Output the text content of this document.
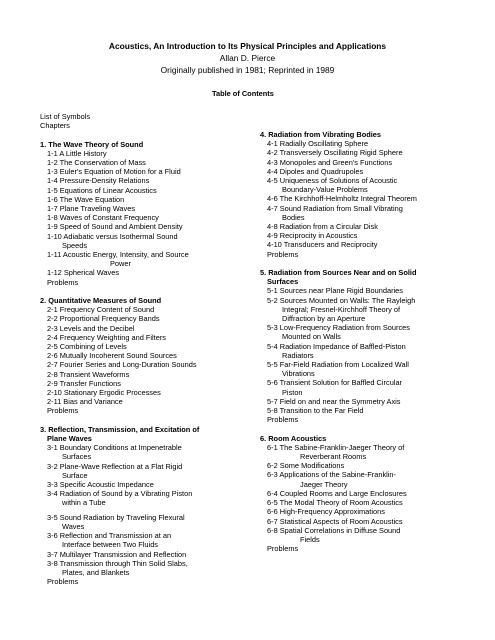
Acoustics, An Introduction to Its Physical Principles and Applications
Allan D. Pierce
Originally published in 1981; Reprinted in 1989
Table of Contents
List of Symbols
Chapters
1. The Wave Theory of Sound
1-1 A Little History
1-2 The Conservation of Mass
1-3 Euler's Equation of Motion for a Fluid
1-4 Pressure-Density Relations
1-5 Equations of Linear Acoustics
1-6 The Wave Equation
1-7 Plane Traveling Waves
1-8 Waves of Constant Frequency
1-9 Speed of Sound and Ambient Density
1-10 Adiabatic versus Isothermal Sound
Speeds
1-11 Acoustic Energy, Intensity, and Source
Power
1-12 Spherical Waves
Problems
2. Quantitative Measures of Sound
2-1 Frequency Content of Sound
2-2 Proportional Frequency Bands
2-3 Levels and the Decibel
2-4 Frequency Weighting and Filters
2-5 Combining of Levels
2-6 Mutually Incoherent Sound Sources
2-7 Fourier Series and Long-Duration Sounds
2-8 Transient Waveforms
2-9 Transfer Functions
2-10 Stationary Ergodic Processes
2-11 Bias and Variance
Problems
3. Reflection, Transmission, and Excitation of
Plane Waves
3-1 Boundary Conditions at Impenetrable
Surfaces
3-2 Plane-Wave Reflection at a Flat Rigid
Surface
3-3 Specific Acoustic Impedance
3-4 Radiation of Sound by a Vibrating Piston
within a Tube
3-5 Sound Radiation by Traveling Flexural
Waves
3-6 Reflection and Transmission at an
Interface between Two Fluids
3-7 Multilayer Transmission and Reflection
3-8 Transmission through Thin Solid Slabs,
Plates, and Blankets
Problems
4. Radiation from Vibrating Bodies
4-1 Radially Oscillating Sphere
4-2 Transversely Oscillating Rigid Sphere
4-3 Monopoles and Green's Functions
4-4 Dipoles and Quadrupoles
4-5 Uniqueness of Solutions of Acoustic
Boundary-Value Problems
4-6 The Kirchhoff-Helmholtz Integral Theorem
4-7 Sound Radiation from Small Vibrating
Bodies
4-8 Radiation from a Circular Disk
4-9 Reciprocity in Acoustics
4-10 Transducers and Reciprocity
Problems
5. Radiation from Sources Near and on Solid
Surfaces
5-1 Sources near Plane Rigid Boundaries
5-2 Sources Mounted on Walls: The Rayleigh
Integral; Fresnel-Kirchhoff Theory of
Diffraction by an Aperture
5-3 Low-Frequency Radiation from Sources
Mounted on Walls
5-4 Radiation Impedance of Baffled-Piston
Radiators
5-5 Far-Field Radiation from Localized Wall
Vibrations
5-6 Transient Solution for Baffled Circular
Piston
5-7 Field on and near the Symmetry Axis
5-8 Transition to the Far Field
Problems
6. Room Acoustics
6-1 The Sabine-Franklin-Jaeger Theory of
Reverberant Rooms
6-2 Some Modifications
6-3 Applications of the Sabine-Franklin-
Jaeger Theory
6-4 Coupled Rooms and Large Enclosures
6-5 The Modal Theory of Room Acoustics
6-6 High-Frequency Approximations
6-7 Statistical Aspects of Room Acoustics
6-8 Spatial Correlations in Diffuse Sound
Fields
Problems
